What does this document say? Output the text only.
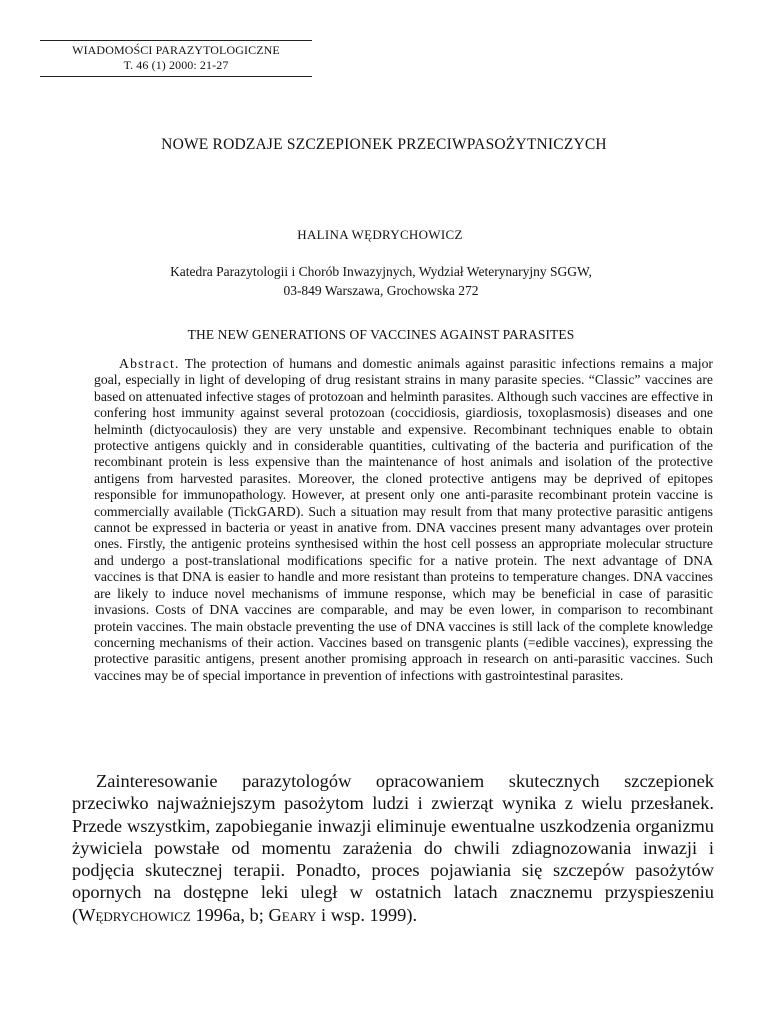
WIADOMOŚCI PARAZYTOLOGICZNE
T. 46 (1) 2000: 21-27
NOWE RODZAJE SZCZEPIONEK PRZECIWPASOŻYTNICZYCH
HALINA WĘDRYCHOWICZ
Katedra Parazytologii i Chorób Inwazyjnych, Wydział Weterynaryjny SGGW,
03-849 Warszawa, Grochowska 272
THE NEW GENERATIONS OF VACCINES AGAINST PARASITES

Abstract. The protection of humans and domestic animals against parasitic infections remains a major goal, especially in light of developing of drug resistant strains in many parasite species. “Classic” vaccines are based on attenuated infective stages of protozoan and helminth parasites. Although such vaccines are effective in confering host immunity against several protozoan (coccidiosis, giardiosis, toxoplasmosis) diseases and one helminth (dictyocaulosis) they are very unstable and expensive. Recombinant techniques enable to obtain protective antigens quickly and in considerable quantities, cultivating of the bacteria and purification of the recombinant protein is less expensive than the maintenance of host animals and isolation of the protective antigens from harvested parasites. Moreover, the cloned protective antigens may be deprived of epitopes responsible for immunopathology. However, at present only one anti-parasite recombinant protein vaccine is commercially available (TickGARD). Such a situation may result from that many protective parasitic antigens cannot be expressed in bacteria or yeast in anative from. DNA vaccines present many advantages over protein ones. Firstly, the antigenic proteins synthesised within the host cell possess an appropriate molecular structure and undergo a post-translational modifications specific for a native protein. The next advantage of DNA vaccines is that DNA is easier to handle and more resistant than proteins to temperature changes. DNA vaccines are likely to induce novel mechanisms of immune response, which may be beneficial in case of parasitic invasions. Costs of DNA vaccines are comparable, and may be even lower, in comparison to recombinant protein vaccines. The main obstacle preventing the use of DNA vaccines is still lack of the complete knowledge concerning mechanisms of their action. Vaccines based on transgenic plants (=edible vaccines), expressing the protective parasitic antigens, present another promising approach in research on anti-parasitic vaccines. Such vaccines may be of special importance in prevention of infections with gastrointestinal parasites.

Zainteresowanie parazytologów opracowaniem skutecznych szczepionek przeciwko najważniejszym pasożytom ludzi i zwierząt wynika z wielu przesłanek. Przede wszystkim, zapobieganie inwazji eliminuje ewentualne uszkodzenia organizmu żywiciela powstałe od momentu zarażenia do chwili zdiagnozowania inwazji i podjęcia skutecznej terapii. Ponadto, proces pojawiania się szczepów pasożytów opornych na dostępne leki uległ w ostatnich latach znacznemu przyspieszeniu (Wędrychowicz 1996a, b; Geary i wsp. 1999).
